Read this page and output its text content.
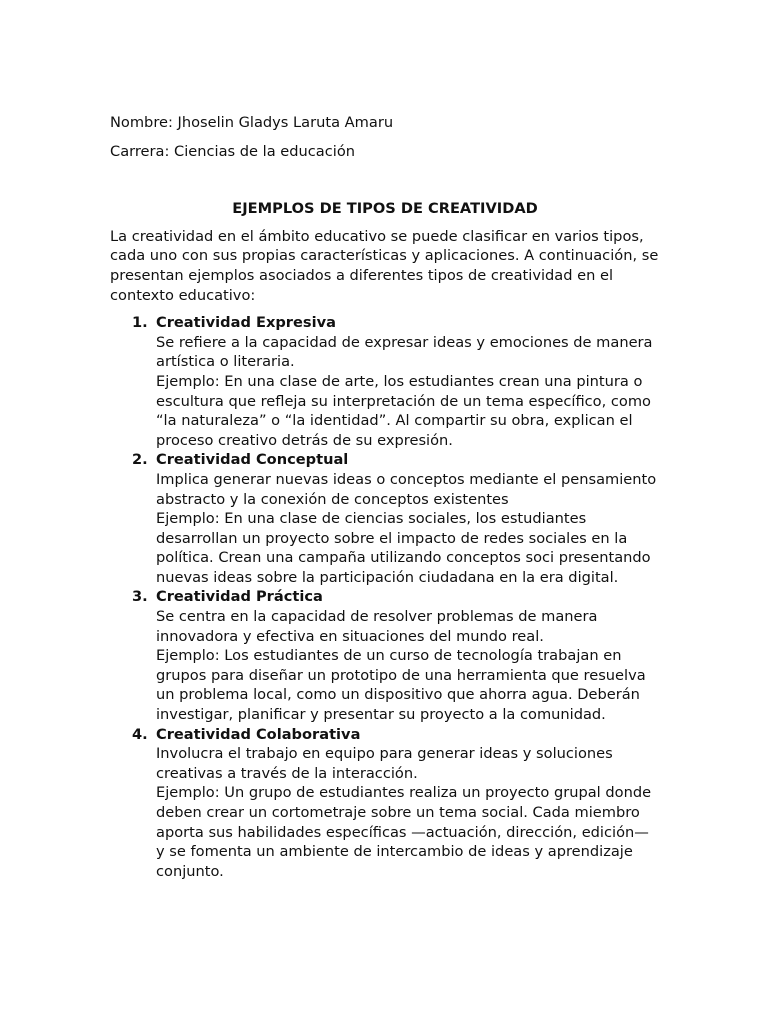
Nombre: Jhoselin Gladys Laruta Amaru

Carrera: Ciencias de la educación

EJEMPLOS DE TIPOS DE CREATIVIDAD

La creatividad en el ámbito educativo se puede clasificar en varios tipos, cada uno con sus propias características y aplicaciones. A continuación, se presentan ejemplos asociados a diferentes tipos de creatividad en el contexto educativo:

1. Creatividad Expresiva
Se refiere a la capacidad de expresar ideas y emociones de manera artística o literaria.
Ejemplo: En una clase de arte, los estudiantes crean una pintura o escultura que refleja su interpretación de un tema específico, como “la naturaleza” o “la identidad”. Al compartir su obra, explican el proceso creativo detrás de su expresión.
2. Creatividad Conceptual
Implica generar nuevas ideas o conceptos mediante el pensamiento abstracto y la conexión de conceptos existentes
Ejemplo: En una clase de ciencias sociales, los estudiantes desarrollan un proyecto sobre el impacto de redes sociales en la política. Crean una campaña utilizando conceptos soci presentando nuevas ideas sobre la participación ciudadana en la era digital.
3. Creatividad Práctica
Se centra en la capacidad de resolver problemas de manera innovadora y efectiva en situaciones del mundo real.
Ejemplo: Los estudiantes de un curso de tecnología trabajan en grupos para diseñar un prototipo de una herramienta que resuelva un problema local, como un dispositivo que ahorra agua. Deberán investigar, planificar y presentar su proyecto a la comunidad.
4. Creatividad Colaborativa
Involucra el trabajo en equipo para generar ideas y soluciones creativas a través de la interacción.
Ejemplo: Un grupo de estudiantes realiza un proyecto grupal donde deben crear un cortometraje sobre un tema social. Cada miembro aporta sus habilidades específicas —actuación, dirección, edición— y se fomenta un ambiente de intercambio de ideas y aprendizaje conjunto.
